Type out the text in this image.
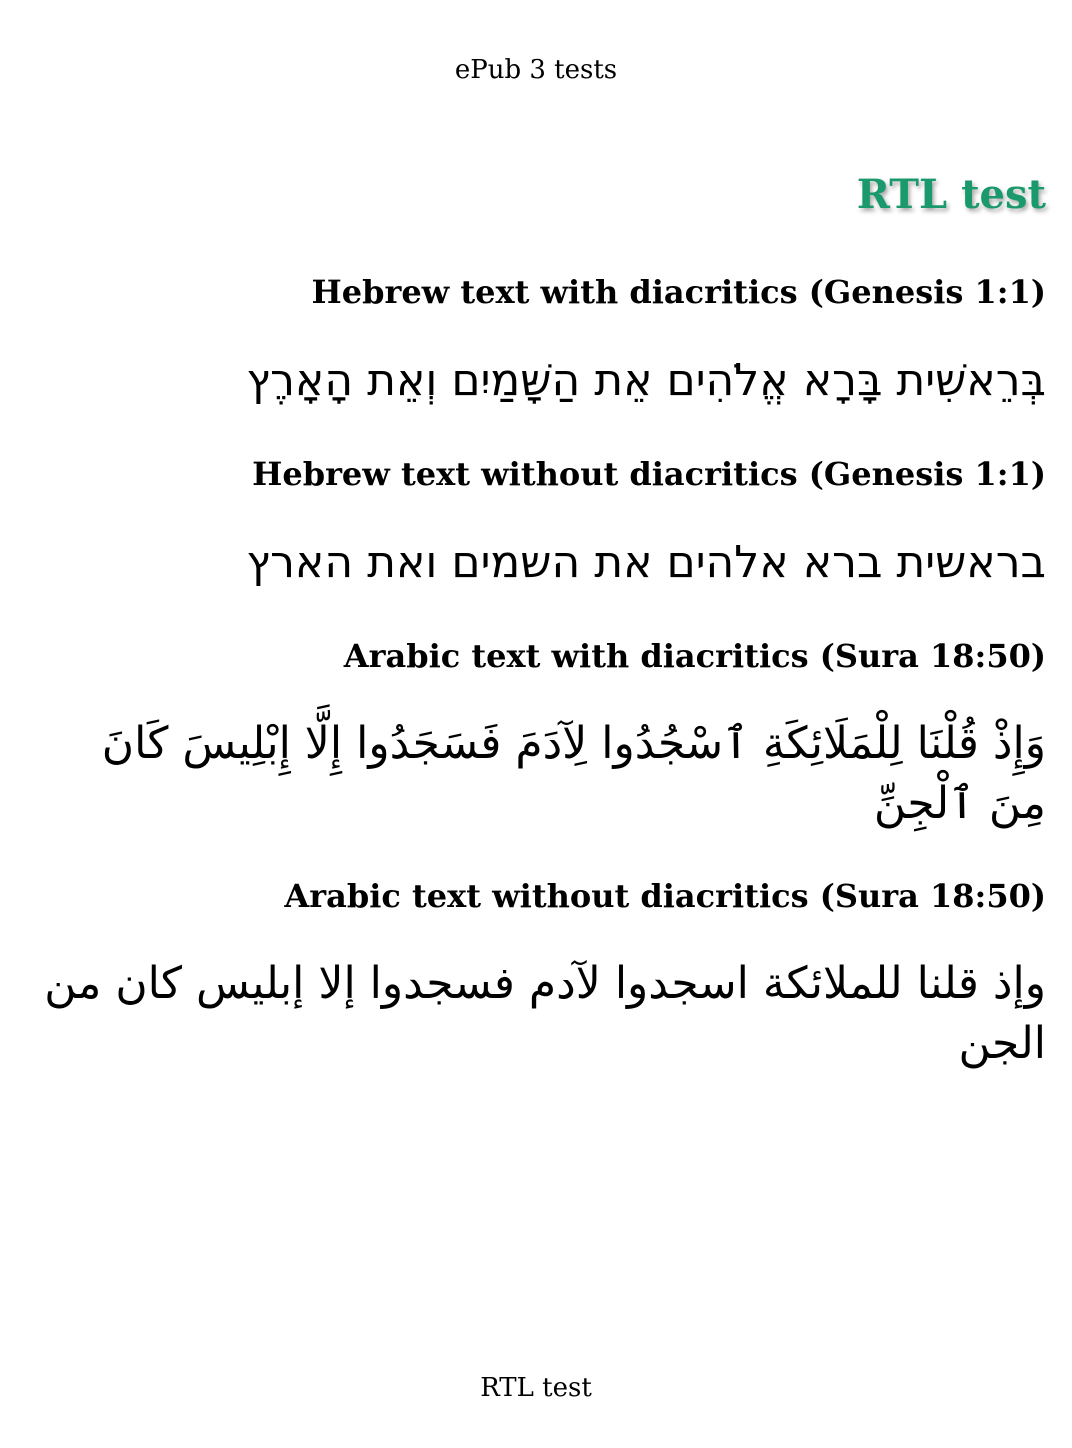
ePub 3 tests
RTL test
Hebrew text with diacritics (Genesis 1:1)

בְּרֵאשִׁית בָּרָא אֱלֹהִים אֵת הַשָּׁמַיִם וְאֵת הָאָרֶץ

Hebrew text without diacritics (Genesis 1:1)

בראשית ברא אלהים את השמים ואת הארץ

Arabic text with diacritics (Sura 18:50)

وَإِذْ قُلْنَا لِلْمَلَائِكَةِ ٱسْجُدُوا لِآدَمَ فَسَجَدُوا إِلَّا إِبْلِيسَ كَانَ مِنَ ٱلْجِنِّ

Arabic text without diacritics (Sura 18:50)

وإذ قلنا للملائكة اسجدوا لآدم فسجدوا إلا إبليس كان من الجن

RTL test
